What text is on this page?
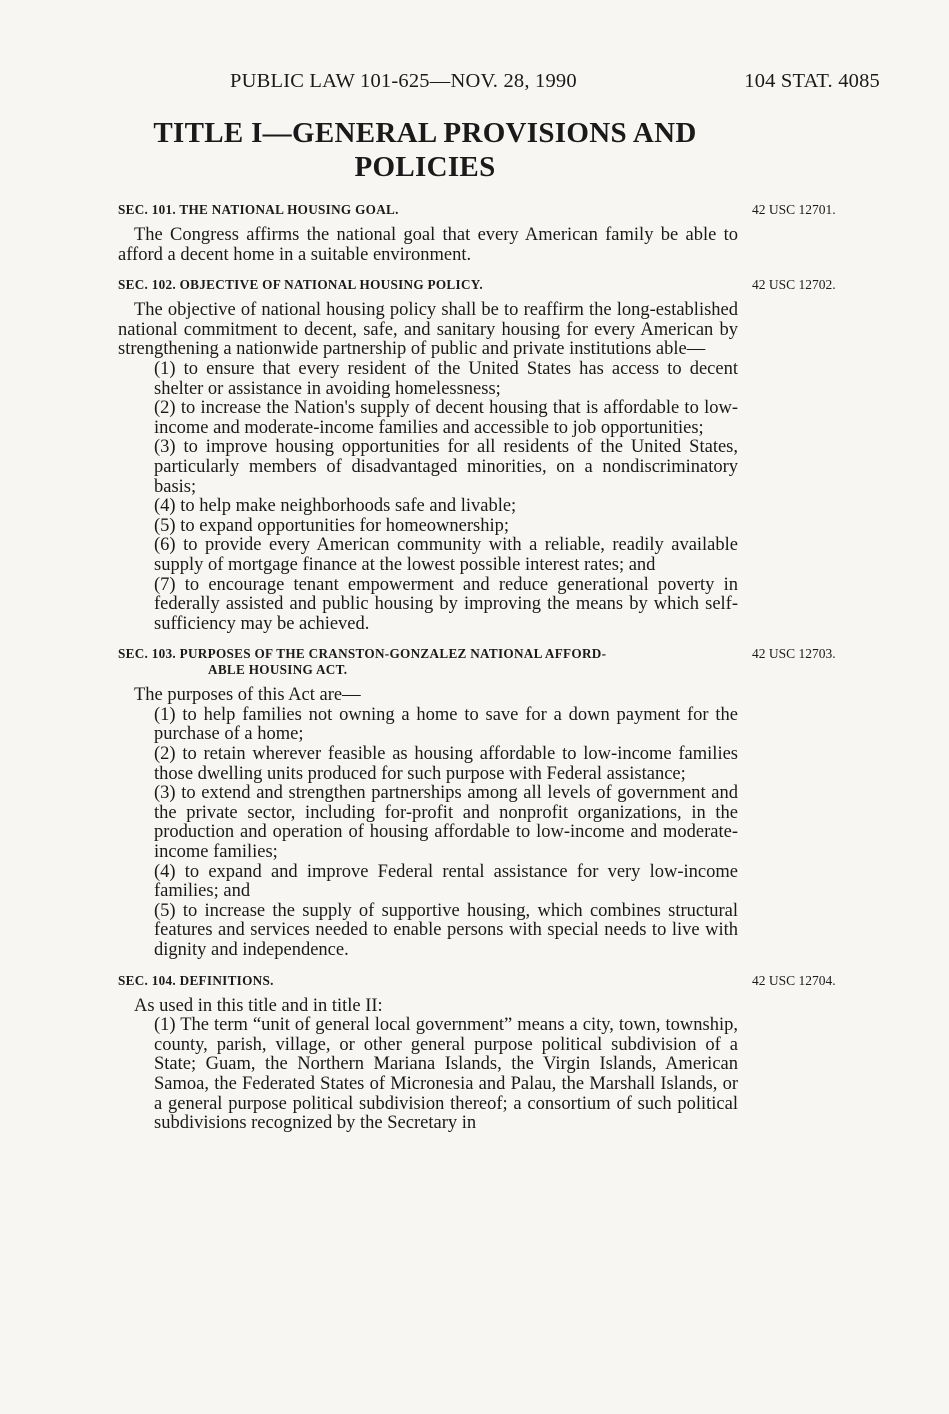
PUBLIC LAW 101-625—NOV. 28, 1990	104 STAT. 4085
TITLE I—GENERAL PROVISIONS AND
POLICIES
SEC. 101. THE NATIONAL HOUSING GOAL.	42 USC 12701.

The Congress affirms the national goal that every American family be able to afford a decent home in a suitable environment.

SEC. 102. OBJECTIVE OF NATIONAL HOUSING POLICY.	42 USC 12702.

The objective of national housing policy shall be to reaffirm the long-established national commitment to decent, safe, and sanitary housing for every American by strengthening a nationwide partnership of public and private institutions able—

(1) to ensure that every resident of the United States has access to decent shelter or assistance in avoiding homelessness;

(2) to increase the Nation's supply of decent housing that is affordable to low-income and moderate-income families and accessible to job opportunities;

(3) to improve housing opportunities for all residents of the United States, particularly members of disadvantaged minorities, on a nondiscriminatory basis;

(4) to help make neighborhoods safe and livable;

(5) to expand opportunities for homeownership;

(6) to provide every American community with a reliable, readily available supply of mortgage finance at the lowest possible interest rates; and

(7) to encourage tenant empowerment and reduce generational poverty in federally assisted and public housing by improving the means by which self-sufficiency may be achieved.

SEC. 103. PURPOSES OF THE CRANSTON-GONZALEZ NATIONAL AFFORD-
ABLE HOUSING ACT.
42 USC 12703.

The purposes of this Act are—

(1) to help families not owning a home to save for a down payment for the purchase of a home;

(2) to retain wherever feasible as housing affordable to low-income families those dwelling units produced for such purpose with Federal assistance;

(3) to extend and strengthen partnerships among all levels of government and the private sector, including for-profit and nonprofit organizations, in the production and operation of housing affordable to low-income and moderate-income families;

(4) to expand and improve Federal rental assistance for very low-income families; and

(5) to increase the supply of supportive housing, which combines structural features and services needed to enable persons with special needs to live with dignity and independence.

SEC. 104. DEFINITIONS.	42 USC 12704.

As used in this title and in title II:

(1) The term “unit of general local government” means a city, town, township, county, parish, village, or other general purpose political subdivision of a State; Guam, the Northern Mariana Islands, the Virgin Islands, American Samoa, the Federated States of Micronesia and Palau, the Marshall Islands, or a general purpose political subdivision thereof; a consortium of such political subdivisions recognized by the Secretary in
